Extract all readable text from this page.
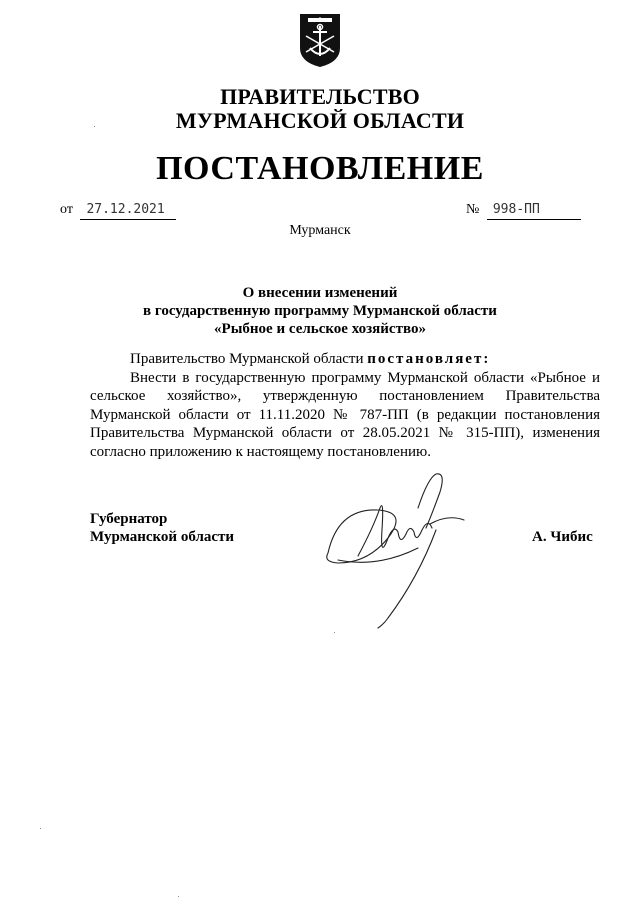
ПРАВИТЕЛЬСТВО
МУРМАНСКОЙ ОБЛАСТИ
ПОСТАНОВЛЕНИЕ
от 27.12.2021	№ 998-ПП
Мурманск
О внесении изменений
в государственную программу Мурманской области
«Рыбное и сельское хозяйство»

Правительство Мурманской области постановляет:

Внести в государственную программу Мурманской области «Рыбное и сельское хозяйство», утвержденную постановлением Правительства Мурманской области от 11.11.2020 № 787-ПП (в редакции постановления Правительства Мурманской области от 28.05.2021 № 315-ПП), изменения согласно приложению к настоящему постановлению.

Губернатор
Мурманской области	А. Чибис
